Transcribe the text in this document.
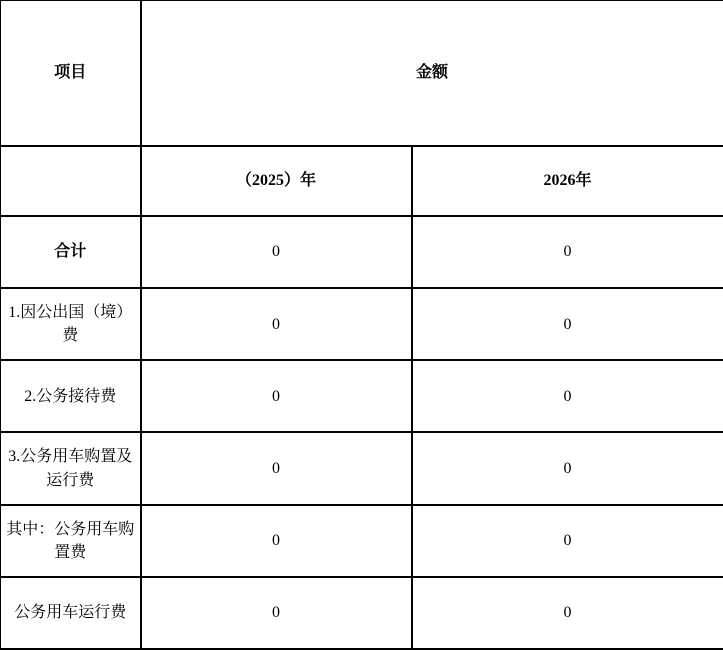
项目	金额	
	（2025）年	2026年
合计	0	0
1.因公出国（境）费	0	0
2.公务接待费	0	0
3.公务用车购置及运行费	0	0
其中：公务用车购置费	0	0
公务用车运行费	0	0
